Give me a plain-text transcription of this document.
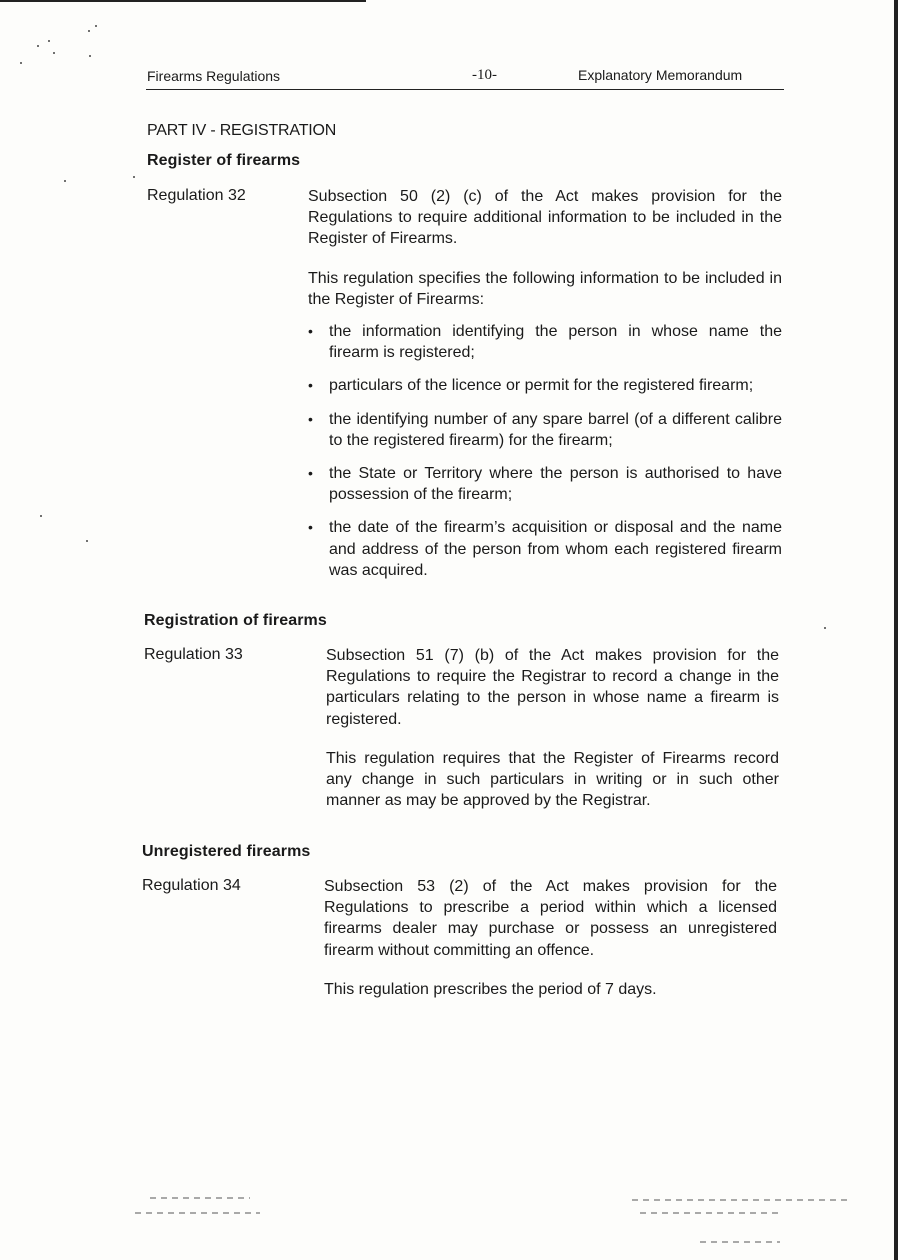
Firearms Regulations	-10-	Explanatory Memorandum
PART IV - REGISTRATION
Register of firearms
Regulation 32	Subsection 50 (2) (c) of the Act makes provision for the Regulations to require additional information to be included in the Register of Firearms.

This regulation specifies the following information to be included in the Register of Firearms:

• the information identifying the person in whose name the firearm is registered;
• particulars of the licence or permit for the registered firearm;
• the identifying number of any spare barrel (of a different calibre to the registered firearm) for the firearm;
• the State or Territory where the person is authorised to have possession of the firearm;
• the date of the firearm’s acquisition or disposal and the name and address of the person from whom each registered firearm was acquired.
Registration of firearms
Regulation 33	Subsection 51 (7) (b) of the Act makes provision for the Regulations to require the Registrar to record a change in the particulars relating to the person in whose name a firearm is registered.

This regulation requires that the Register of Firearms record any change in such particulars in writing or in such other manner as may be approved by the Registrar.

Unregistered firearms
Regulation 34	Subsection 53 (2) of the Act makes provision for the Regulations to prescribe a period within which a licensed firearms dealer may purchase or possess an unregistered firearm without committing an offence.

This regulation prescribes the period of 7 days.
